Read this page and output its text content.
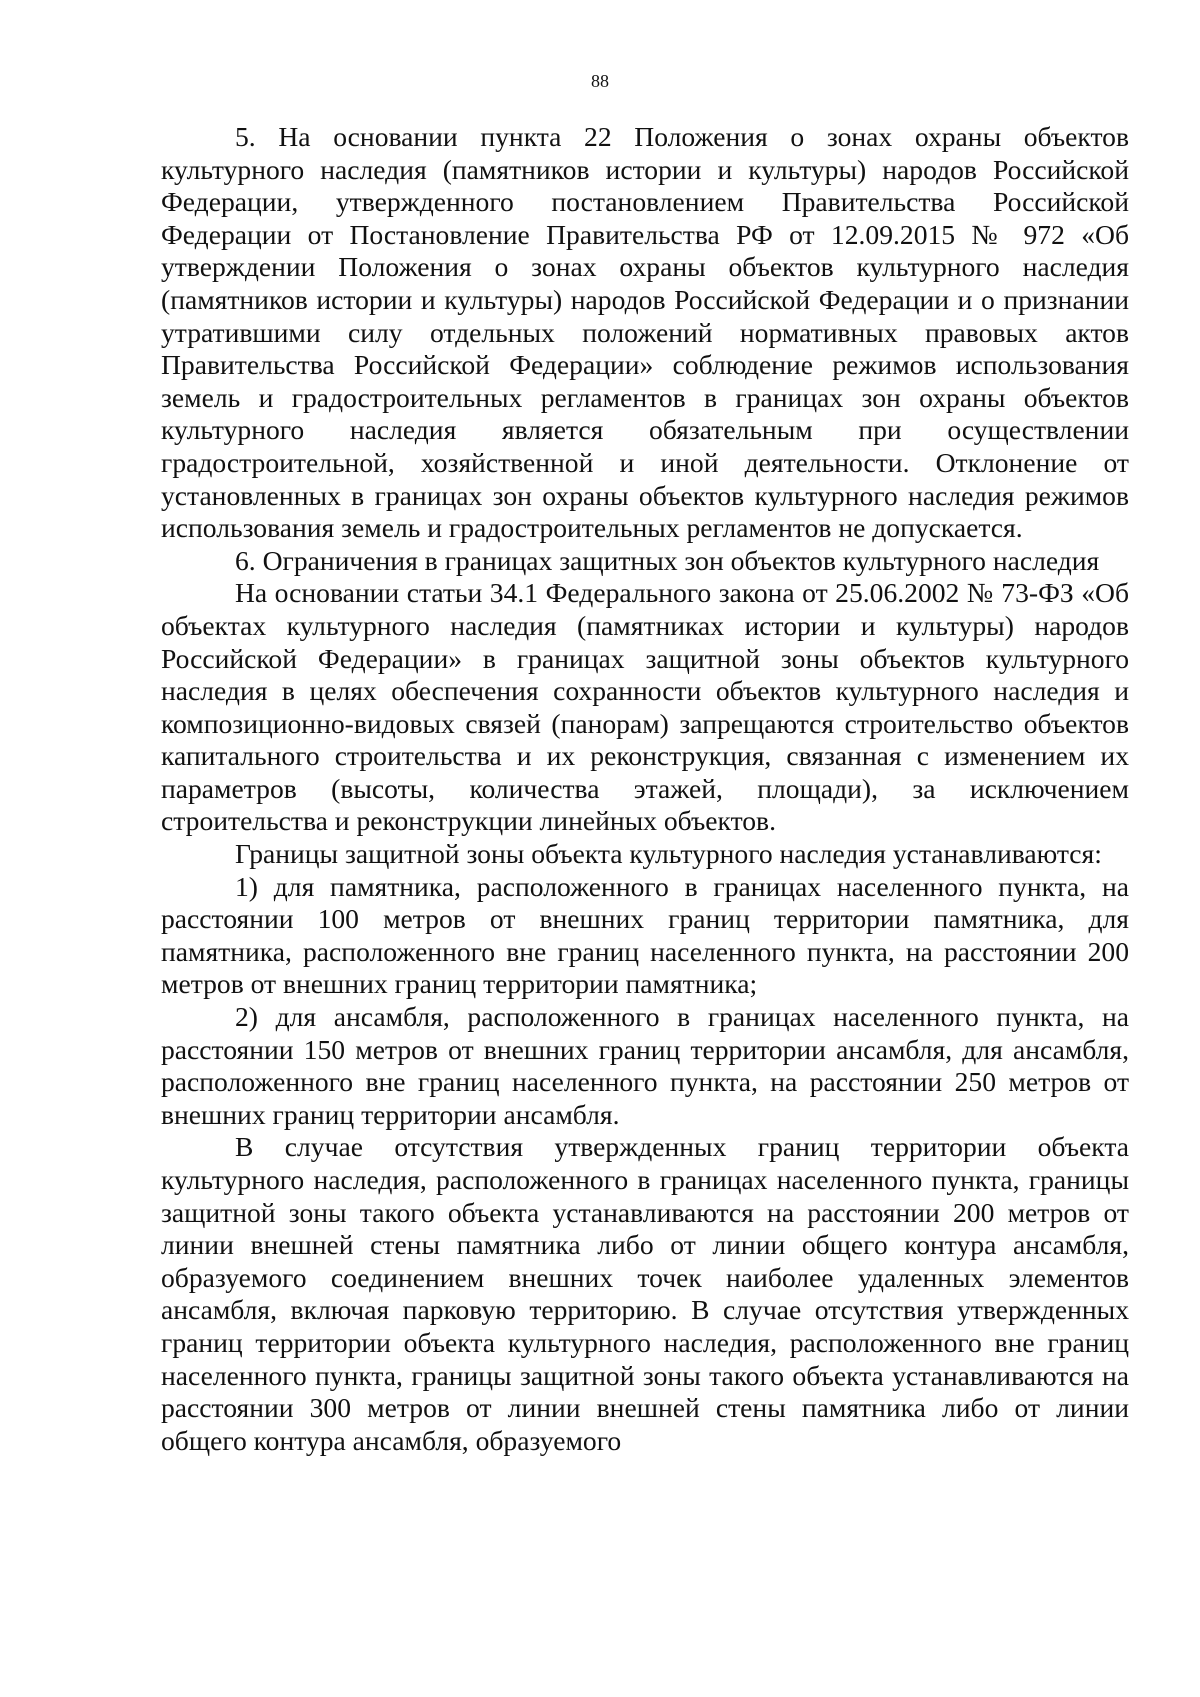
88

5. На основании пункта 22 Положения о зонах охраны объектов культурного наследия (памятников истории и культуры) народов Российской Федерации, утвержденного постановлением Правительства Российской Федерации от Постановление Правительства РФ от 12.09.2015 № 972 «Об утверждении Положения о зонах охраны объектов культурного наследия (памятников истории и культуры) народов Российской Федерации и о признании утратившими силу отдельных положений нормативных правовых актов Правительства Российской Федерации» соблюдение режимов использования земель и градостроительных регламентов в границах зон охраны объектов культурного наследия является обязательным при осуществлении градостроительной, хозяйственной и иной деятельности. Отклонение от установленных в границах зон охраны объектов культурного наследия режимов использования земель и градостроительных регламентов не допускается.

6. Ограничения в границах защитных зон объектов культурного наследия

На основании статьи 34.1 Федерального закона от 25.06.2002 № 73-ФЗ «Об объектах культурного наследия (памятниках истории и культуры) народов Российской Федерации» в границах защитной зоны объектов культурного наследия в целях обеспечения сохранности объектов культурного наследия и композиционно-видовых связей (панорам) запрещаются строительство объектов капитального строительства и их реконструкция, связанная с изменением их параметров (высоты, количества этажей, площади), за исключением строительства и реконструкции линейных объектов.

Границы защитной зоны объекта культурного наследия устанавливаются:

1) для памятника, расположенного в границах населенного пункта, на расстоянии 100 метров от внешних границ территории памятника, для памятника, расположенного вне границ населенного пункта, на расстоянии 200 метров от внешних границ территории памятника;

2) для ансамбля, расположенного в границах населенного пункта, на расстоянии 150 метров от внешних границ территории ансамбля, для ансамбля, расположенного вне границ населенного пункта, на расстоянии 250 метров от внешних границ территории ансамбля.

В случае отсутствия утвержденных границ территории объекта культурного наследия, расположенного в границах населенного пункта, границы защитной зоны такого объекта устанавливаются на расстоянии 200 метров от линии внешней стены памятника либо от линии общего контура ансамбля, образуемого соединением внешних точек наиболее удаленных элементов ансамбля, включая парковую территорию. В случае отсутствия утвержденных границ территории объекта культурного наследия, расположенного вне границ населенного пункта, границы защитной зоны такого объекта устанавливаются на расстоянии 300 метров от линии внешней стены памятника либо от линии общего контура ансамбля, образуемого
